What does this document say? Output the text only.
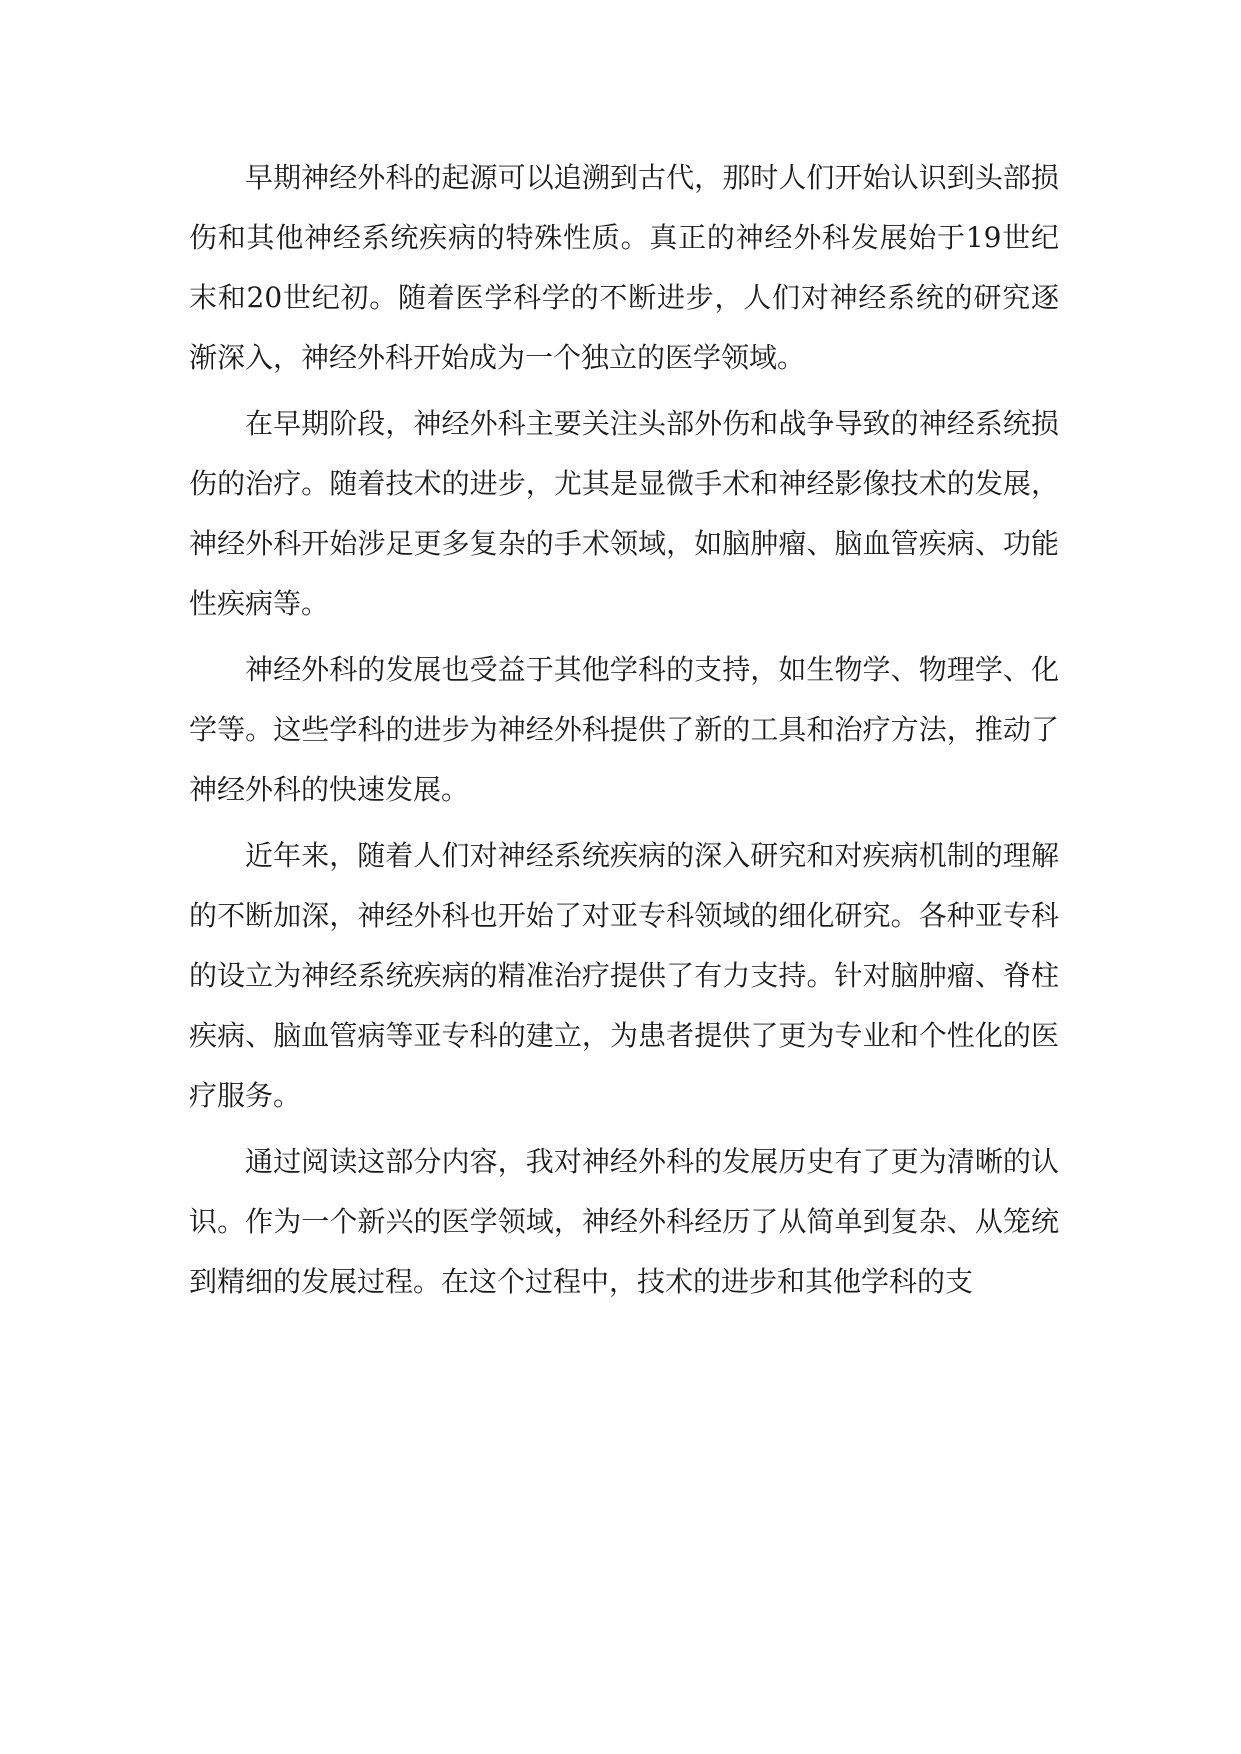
早期神经外科的起源可以追溯到古代，那时人们开始认识到头部损伤和其他神经系统疾病的特殊性质。真正的神经外科发展始于19世纪末和20世纪初。随着医学科学的不断进步，人们对神经系统的研究逐渐深入，神经外科开始成为一个独立的医学领域。

在早期阶段，神经外科主要关注头部外伤和战争导致的神经系统损伤的治疗。随着技术的进步，尤其是显微手术和神经影像技术的发展，神经外科开始涉足更多复杂的手术领域，如脑肿瘤、脑血管疾病、功能性疾病等。

神经外科的发展也受益于其他学科的支持，如生物学、物理学、化学等。这些学科的进步为神经外科提供了新的工具和治疗方法，推动了神经外科的快速发展。

近年来，随着人们对神经系统疾病的深入研究和对疾病机制的理解的不断加深，神经外科也开始了对亚专科领域的细化研究。各种亚专科的设立为神经系统疾病的精准治疗提供了有力支持。针对脑肿瘤、脊柱疾病、脑血管病等亚专科的建立，为患者提供了更为专业和个性化的医疗服务。

通过阅读这部分内容，我对神经外科的发展历史有了更为清晰的认识。作为一个新兴的医学领域，神经外科经历了从简单到复杂、从笼统到精细的发展过程。在这个过程中，技术的进步和其他学科的支
